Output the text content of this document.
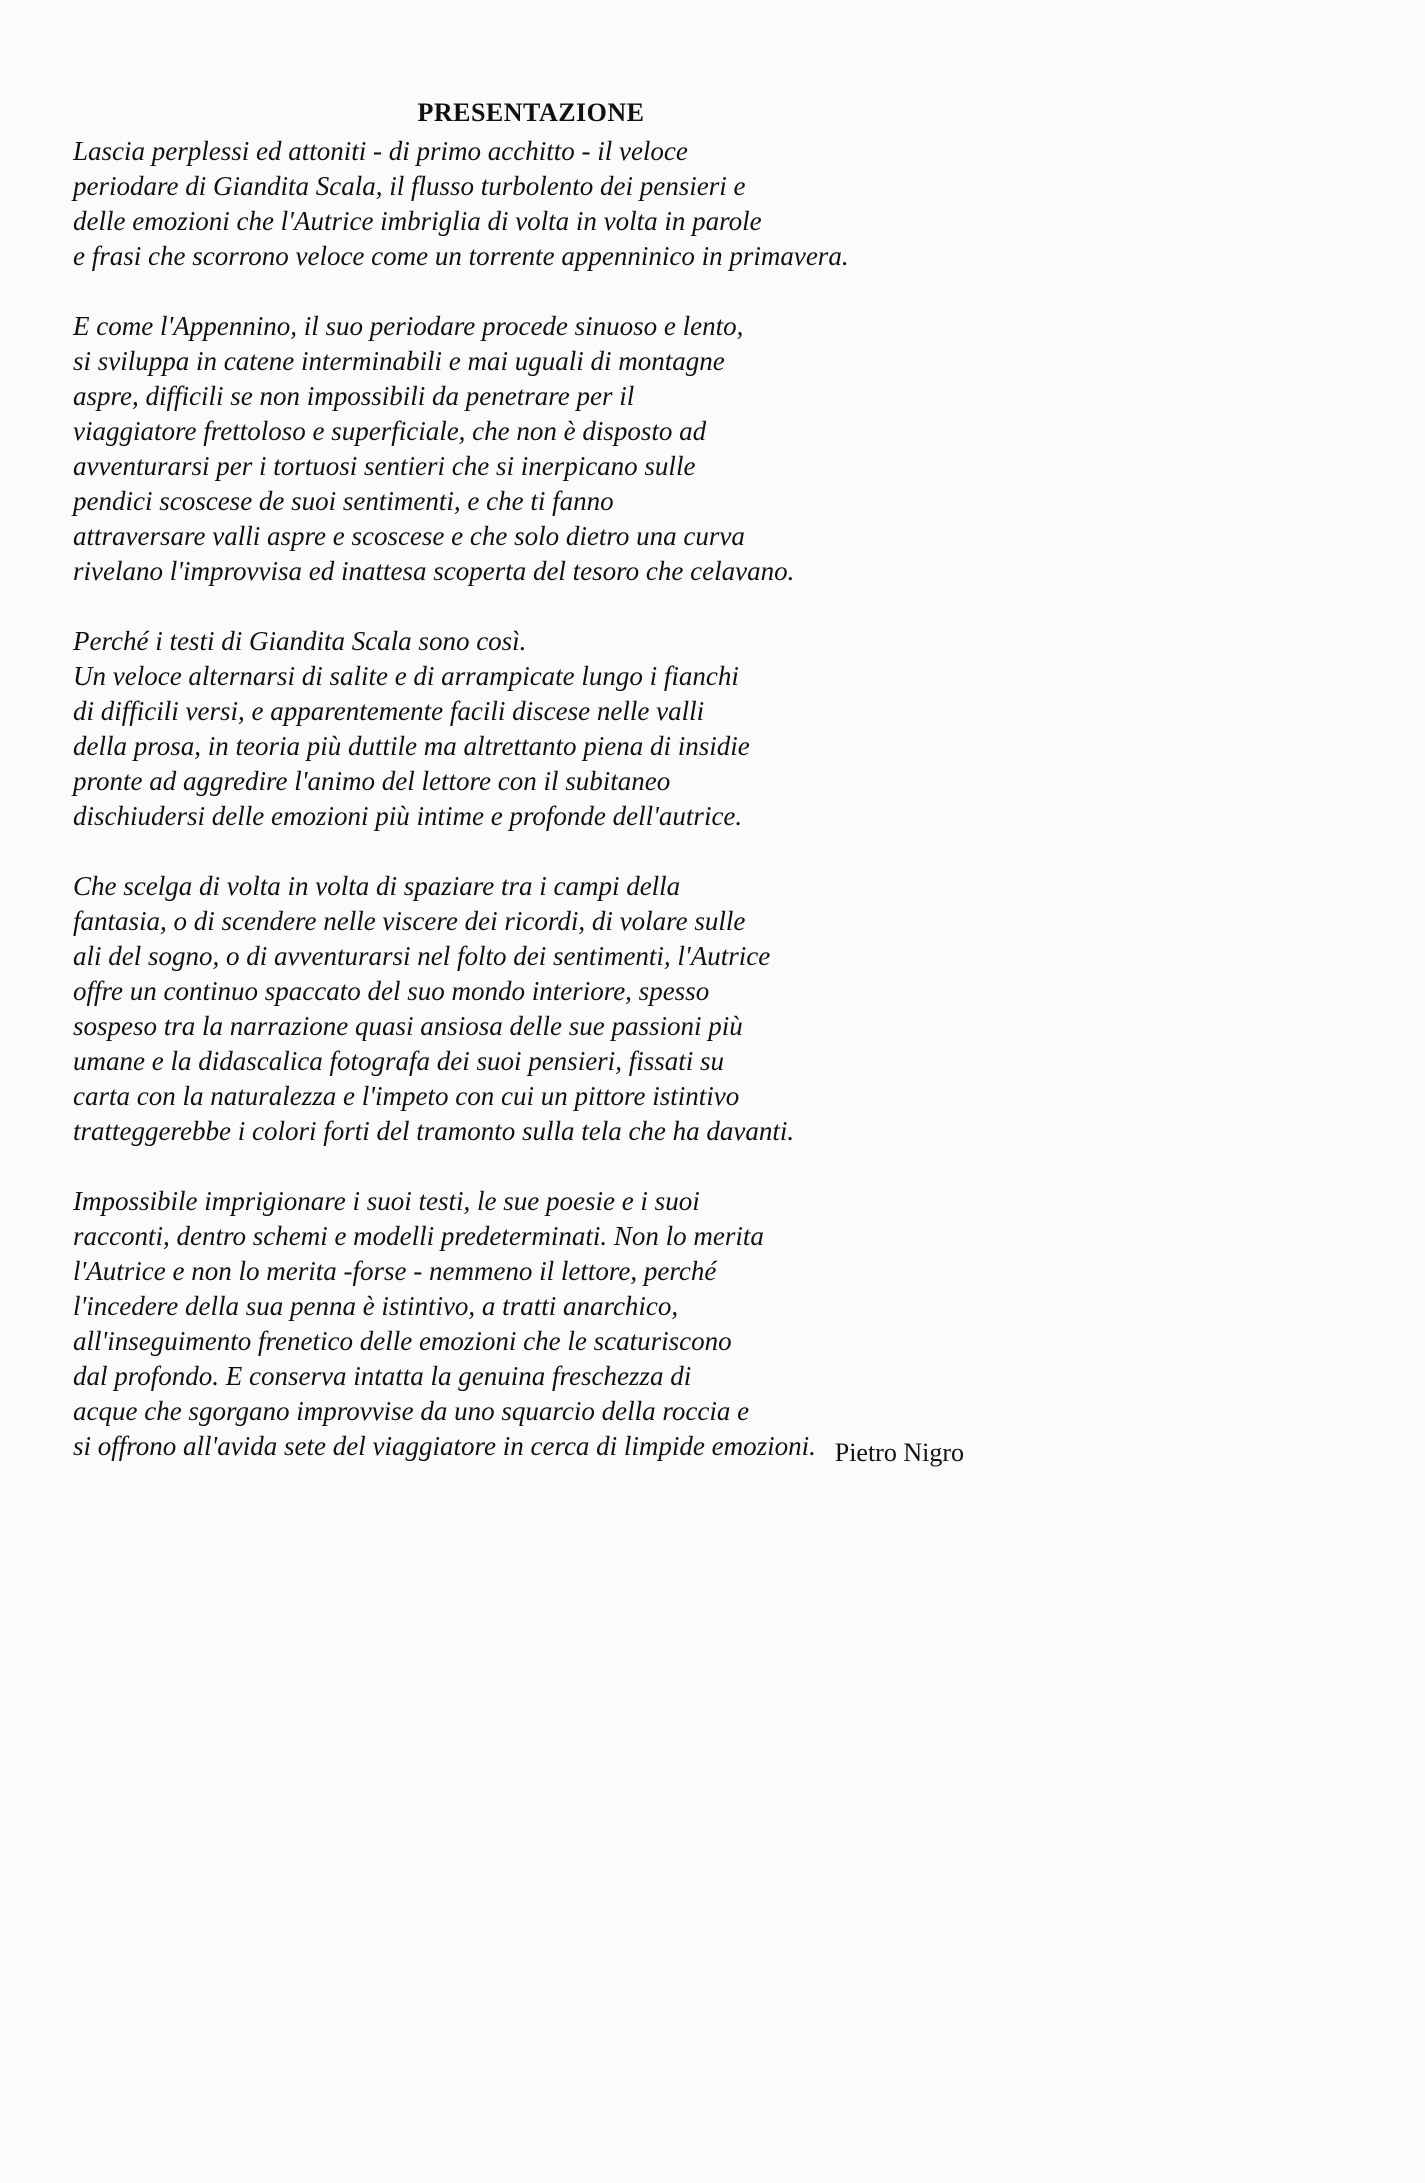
PRESENTAZIONE

Lascia perplessi ed attoniti - di primo acchitto - il veloce
periodare di Giandita Scala, il flusso turbolento dei pensieri e
delle emozioni che l'Autrice imbriglia di volta in volta in parole
e frasi che scorrono veloce come un torrente appenninico in primavera.

E come l'Appennino, il suo periodare procede sinuoso e lento,
si sviluppa in catene interminabili e mai uguali di montagne
aspre, difficili se non impossibili da penetrare per il
viaggiatore frettoloso e superficiale, che non è disposto ad
avventurarsi per i tortuosi sentieri che si inerpicano sulle
pendici scoscese de suoi sentimenti, e che ti fanno
attraversare valli aspre e scoscese e che solo dietro una curva
rivelano l'improvvisa ed inattesa scoperta del tesoro che celavano.

Perché i testi di Giandita Scala sono così.
Un veloce alternarsi di salite e di arrampicate lungo i fianchi
di difficili versi, e apparentemente facili discese nelle valli
della prosa, in teoria più duttile ma altrettanto piena di insidie
pronte ad aggredire l'animo del lettore con il subitaneo
dischiudersi delle emozioni più intime e profonde dell'autrice.

Che scelga di volta in volta di spaziare tra i campi della
fantasia, o di scendere nelle viscere dei ricordi, di volare sulle
ali del sogno, o di avventurarsi nel folto dei sentimenti, l'Autrice
offre un continuo spaccato del suo mondo interiore, spesso
sospeso tra la narrazione quasi ansiosa delle sue passioni più
umane e la didascalica fotografa dei suoi pensieri, fissati su
carta con la naturalezza e l'impeto con cui un pittore istintivo
tratteggerebbe i colori forti del tramonto sulla tela che ha davanti.

Impossibile imprigionare i suoi testi, le sue poesie e i suoi
racconti, dentro schemi e modelli predeterminati. Non lo merita
l'Autrice e non lo merita -forse - nemmeno il lettore, perché
l'incedere della sua penna è istintivo, a tratti anarchico,
all'inseguimento frenetico delle emozioni che le scaturiscono
dal profondo. E conserva intatta la genuina freschezza di
acque che sgorgano improvvise da uno squarcio della roccia e
si offrono all'avida sete del viaggiatore in cerca di limpide emozioni. Pietro Nigro
